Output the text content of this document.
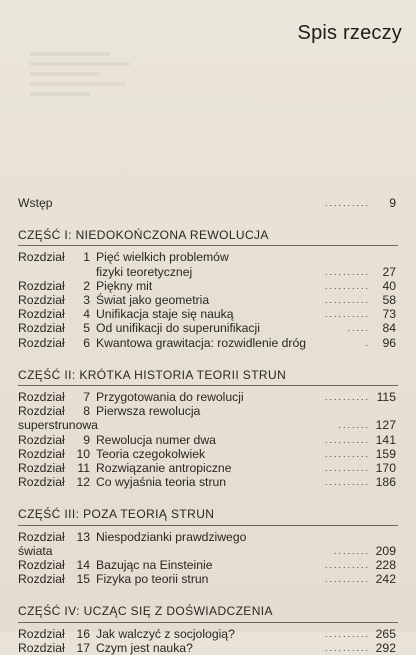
Spis rzeczy
Wstęp	..........	9
CZĘŚĆ I: NIEDOKOŃCZONA REWOLUCJA
Rozdział 1 Pięć wielkich problemów
fizyki teoretycznej	..........	27
Rozdział 2 Piękny mit	..........	40
Rozdział 3 Świat jako geometria	..........	58
Rozdział 4 Unifikacja staje się nauką	..........	73
Rozdział 5 Od unifikacji do superunifikacji	.....	84
Rozdział 6 Kwantowa grawitacja: rozwidlenie dróg	.	96
CZĘŚĆ II: KRÓTKA HISTORIA TEORII STRUN
Rozdział 7 Przygotowania do rewolucji	.......... 115
Rozdział 8 Pierwsza rewolucja superstrunowa	....... 127
Rozdział 9 Rewolucja numer dwa	.......... 141
Rozdział 10 Teoria czegokolwiek	.......... 159
Rozdział 11 Rozwiązanie antropiczne	.......... 170
Rozdział 12 Co wyjaśnia teoria strun	.......... 186
CZĘŚĆ III: POZA TEORIĄ STRUN
Rozdział 13 Niespodzianki prawdziwego świata	........ 209
Rozdział 14 Bazując na Einsteinie	.......... 228
Rozdział 15 Fizyka po teorii strun	.......... 242
CZĘŚĆ IV: UCZĄC SIĘ Z DOŚWIADCZENIA
Rozdział 16 Jak walczyć z socjologią?	.......... 265
Rozdział 17 Czym jest nauka?	.......... 292
